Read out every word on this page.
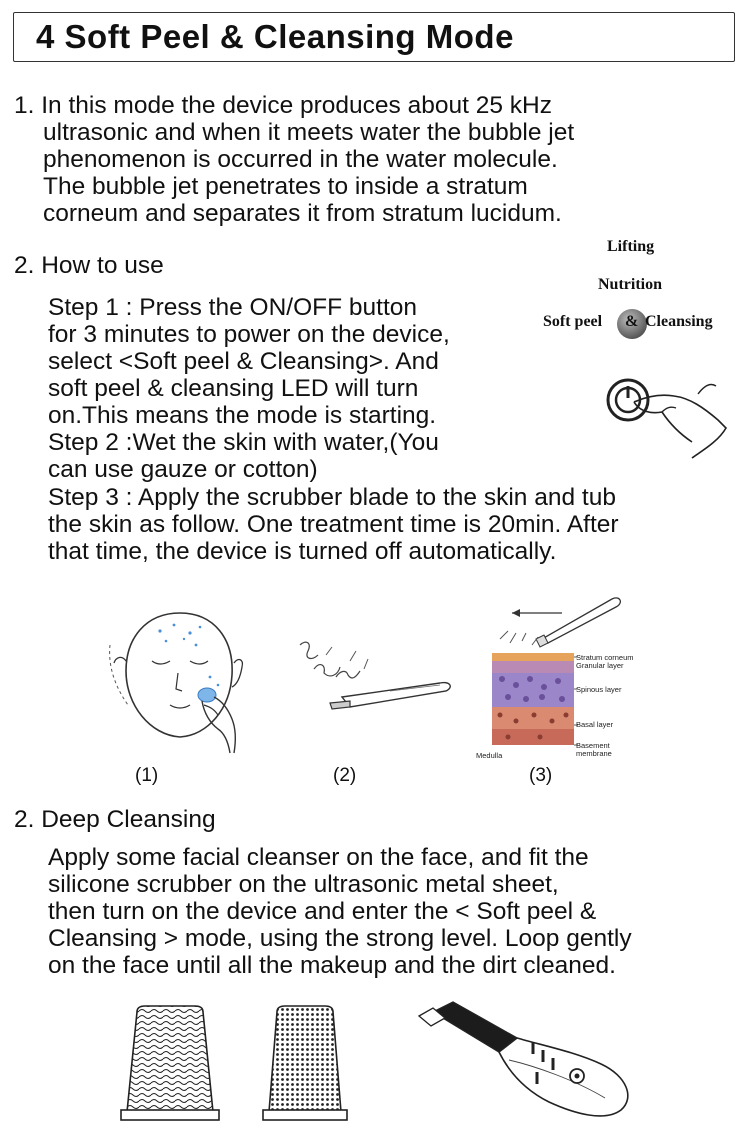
4 Soft Peel & Cleansing Mode
1. In this mode the device produces about 25 kHz
ultrasonic and when it meets water the bubble jet
phenomenon is occurred in the water molecule.
The bubble jet penetrates to inside a stratum
corneum and separates it from stratum lucidum.
2. How to use
Step 1 : Press the ON/OFF button
for 3 minutes to power on the device,
select <Soft peel & Cleansing>. And
soft peel & cleansing LED will turn
on.This means the mode is starting.
Step 2 :Wet the skin with water,(You
can use gauze or cotton)
Step 3 : Apply the scrubber blade to the skin and tub
the skin as follow. One treatment time is 20min. After
that time, the device is turned off automatically.
Lifting
Nutrition
Soft peel & Cleansing
(1)	(2)
Stratum corneum
Granular layer
Spinous layer
Basal layer
Basement
membrane
Medulla
(3)
2. Deep Cleansing
Apply some facial cleanser on the face, and fit the
silicone scrubber on the ultrasonic metal sheet,
then turn on the device and enter the < Soft peel &
Cleansing > mode, using the strong level. Loop gently
on the face until all the makeup and the dirt cleaned.
